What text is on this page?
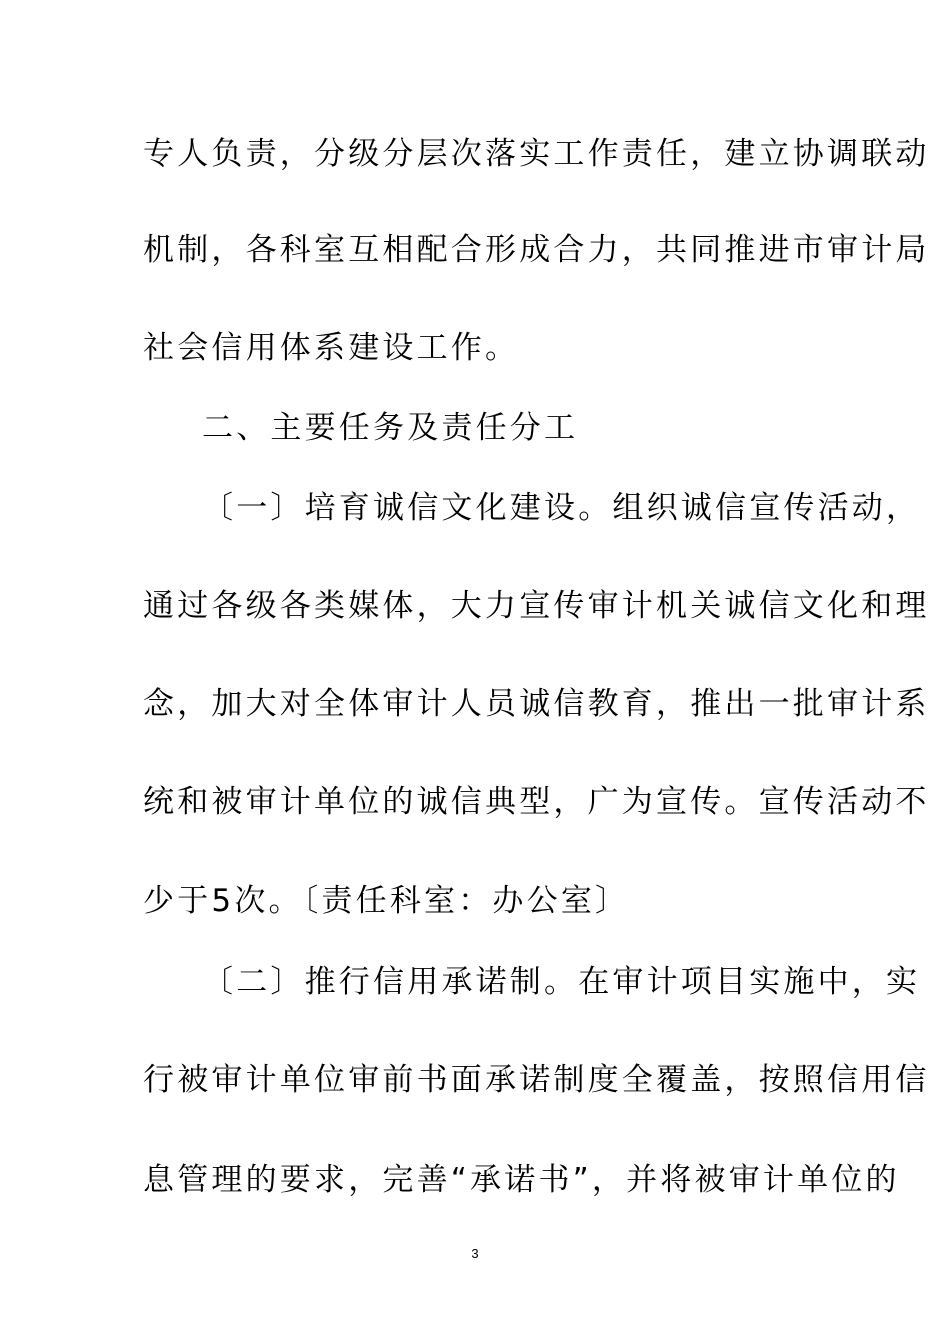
专人负责，分级分层次落实工作责任，建立协调联动
机制，各科室互相配合形成合力，共同推进市审计局
社会信用体系建设工作。
二、主要任务及责任分工
〔一〕培育诚信文化建设。组织诚信宣传活动，
通过各级各类媒体，大力宣传审计机关诚信文化和理
念，加大对全体审计人员诚信教育，推出一批审计系
统和被审计单位的诚信典型，广为宣传。宣传活动不
少于5次。〔责任科室：办公室〕
〔二〕推行信用承诺制。在审计项目实施中，实
行被审计单位审前书面承诺制度全覆盖，按照信用信
息管理的要求，完善“承诺书”，并将被审计单位的
3
